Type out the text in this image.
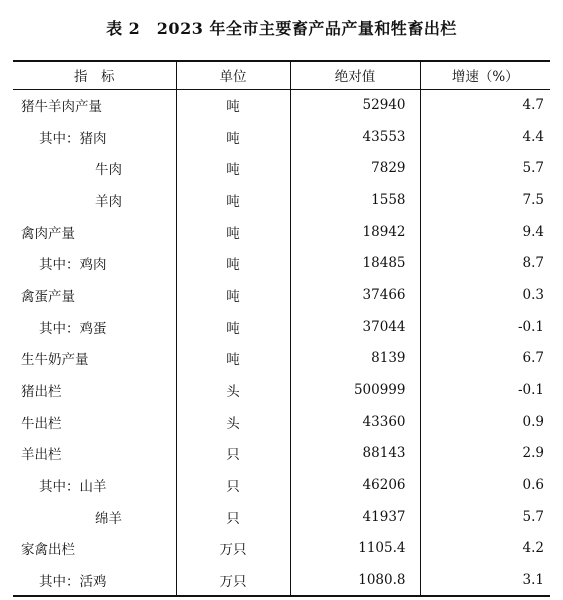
表 2　2023 年全市主要畜产品产量和牲畜出栏
指　标	单位	绝对值	增速（%）
猪牛羊肉产量	吨	52940	4.7
其中：猪肉	吨	43553	4.4
牛肉	吨	7829	5.7
羊肉	吨	1558	7.5
禽肉产量	吨	18942	9.4
其中：鸡肉	吨	18485	8.7
禽蛋产量	吨	37466	0.3
其中：鸡蛋	吨	37044	-0.1
生牛奶产量	吨	8139	6.7
猪出栏	头	500999	-0.1
牛出栏	头	43360	0.9
羊出栏	只	88143	2.9
其中：山羊	只	46206	0.6
绵羊	只	41937	5.7
家禽出栏	万只	1105.4	4.2
其中：活鸡	万只	1080.8	3.1
